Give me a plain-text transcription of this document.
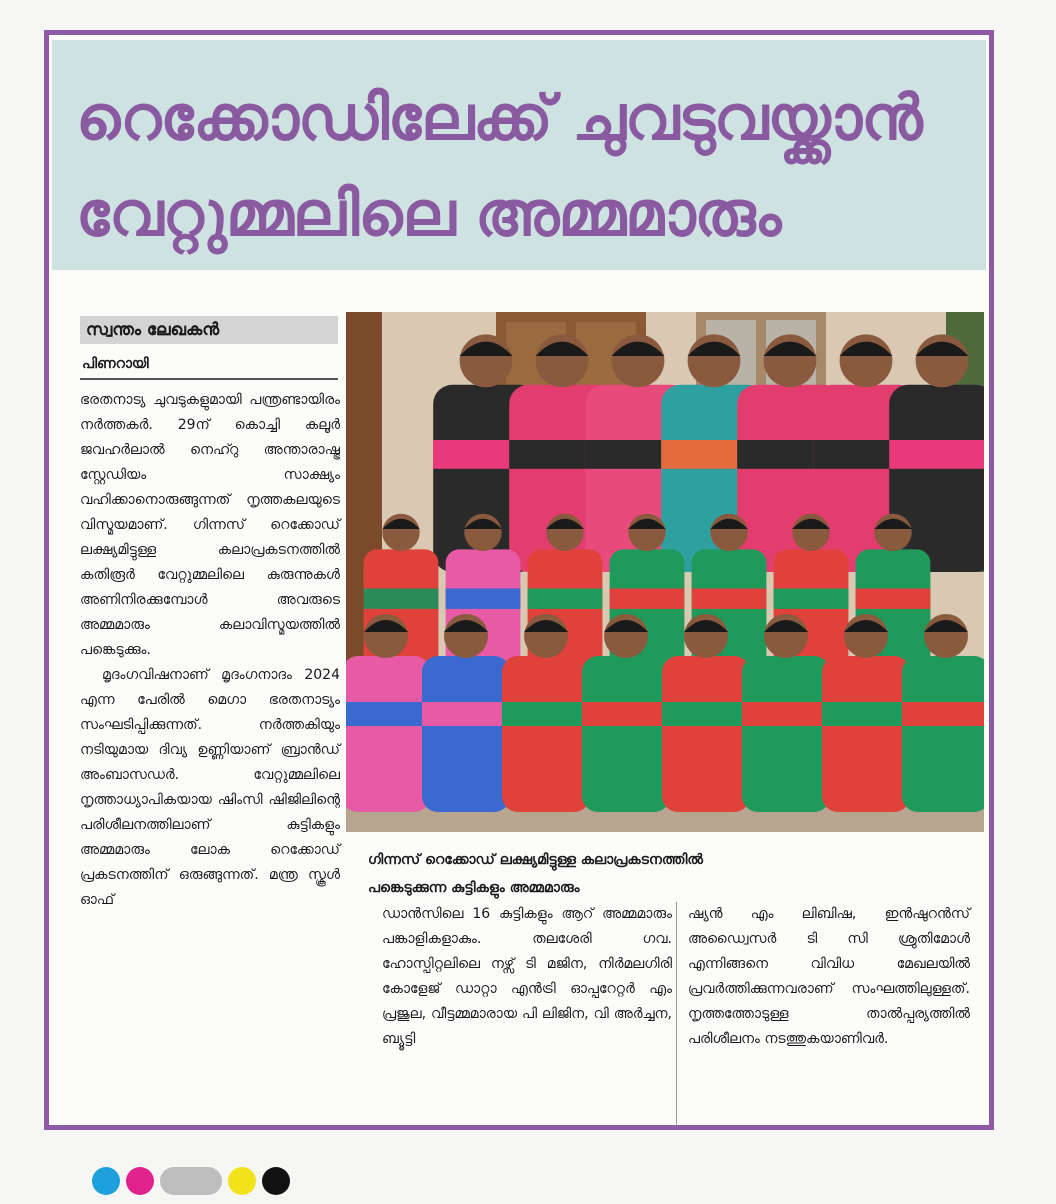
റെക്കോഡിലേക്ക് ചുവടുവയ്ക്കാൻ
വേറ്റുമ്മലിലെ അമ്മമാരും
സ്വന്തം ലേഖകൻ
പിണറായി

ഭരതനാട്യ ചുവടുകളുമായി പന്ത്രണ്ടായിരം നർത്തകർ. 29ന് കൊച്ചി കലൂർ ജവഹർലാൽ നെഹ്റു അന്താരാഷ്ട്ര സ്റ്റേഡിയം സാക്ഷ്യം വഹിക്കാനൊരുങ്ങുന്നത് നൃത്തകലയുടെ വിസ്മയമാണ്. ഗിന്നസ് റെക്കോഡ് ലക്ഷ്യമിട്ടുള്ള കലാപ്രകടനത്തിൽ കതിരൂർ വേറ്റുമ്മലിലെ കുരുന്നുകൾ അണിനിരക്കുമ്പോൾ അവരുടെ അമ്മമാരും കലാവിസ്മയത്തിൽ പങ്കെടുക്കും.

മൃദംഗവിഷനാണ് മൃദംഗനാദം 2024 എന്ന പേരിൽ മെഗാ ഭരതനാട്യം സംഘടിപ്പിക്കുന്നത്. നർത്തകിയും നടിയുമായ ദിവ്യ ഉണ്ണിയാണ് ബ്രാൻഡ് അംബാസഡർ. വേറ്റുമ്മലിലെ നൃത്താധ്യാപികയായ ഷിംസി ഷിജിലിന്റെ പരിശീലനത്തിലാണ് കുട്ടികളും അമ്മമാരും ലോക റെക്കോഡ് പ്രകടനത്തിന് ഒരുങ്ങുന്നത്. മന്ത്ര സ്കൂൾ ഓഫ്

ഗിന്നസ് റെക്കോഡ് ലക്ഷ്യമിട്ടുള്ള കലാപ്രകടനത്തിൽ
പങ്കെടുക്കുന്ന കുട്ടികളും അമ്മമാരും
ഡാൻസിലെ 16 കുട്ടികളും ആറ് അമ്മമാരും പങ്കാളികളാകും. തലശേരി ഗവ. ഹോസ്പിറ്റലിലെ നഴ്സ് ടി മജിന, നിർമലഗിരി കോളേജ് ഡാറ്റാ എൻട്രി ഓപ്പറേറ്റർ എം പ്രജുല, വീട്ടമ്മമാരായ പി ലിജിന, വി അർച്ചന, ബ്യൂട്ടി
ഷ്യൻ എം ലിബിഷ, ഇൻഷുറൻസ് അഡ്വൈസർ ടി സി ശ്രുതിമോൾ എന്നിങ്ങനെ വിവിധ മേഖലയിൽ പ്രവർത്തിക്കുന്നവരാണ് സംഘത്തിലുള്ളത്. നൃത്തത്തോടുള്ള താൽപ്പര്യത്തിൽ പരിശീലനം നടത്തുകയാണിവർ.
